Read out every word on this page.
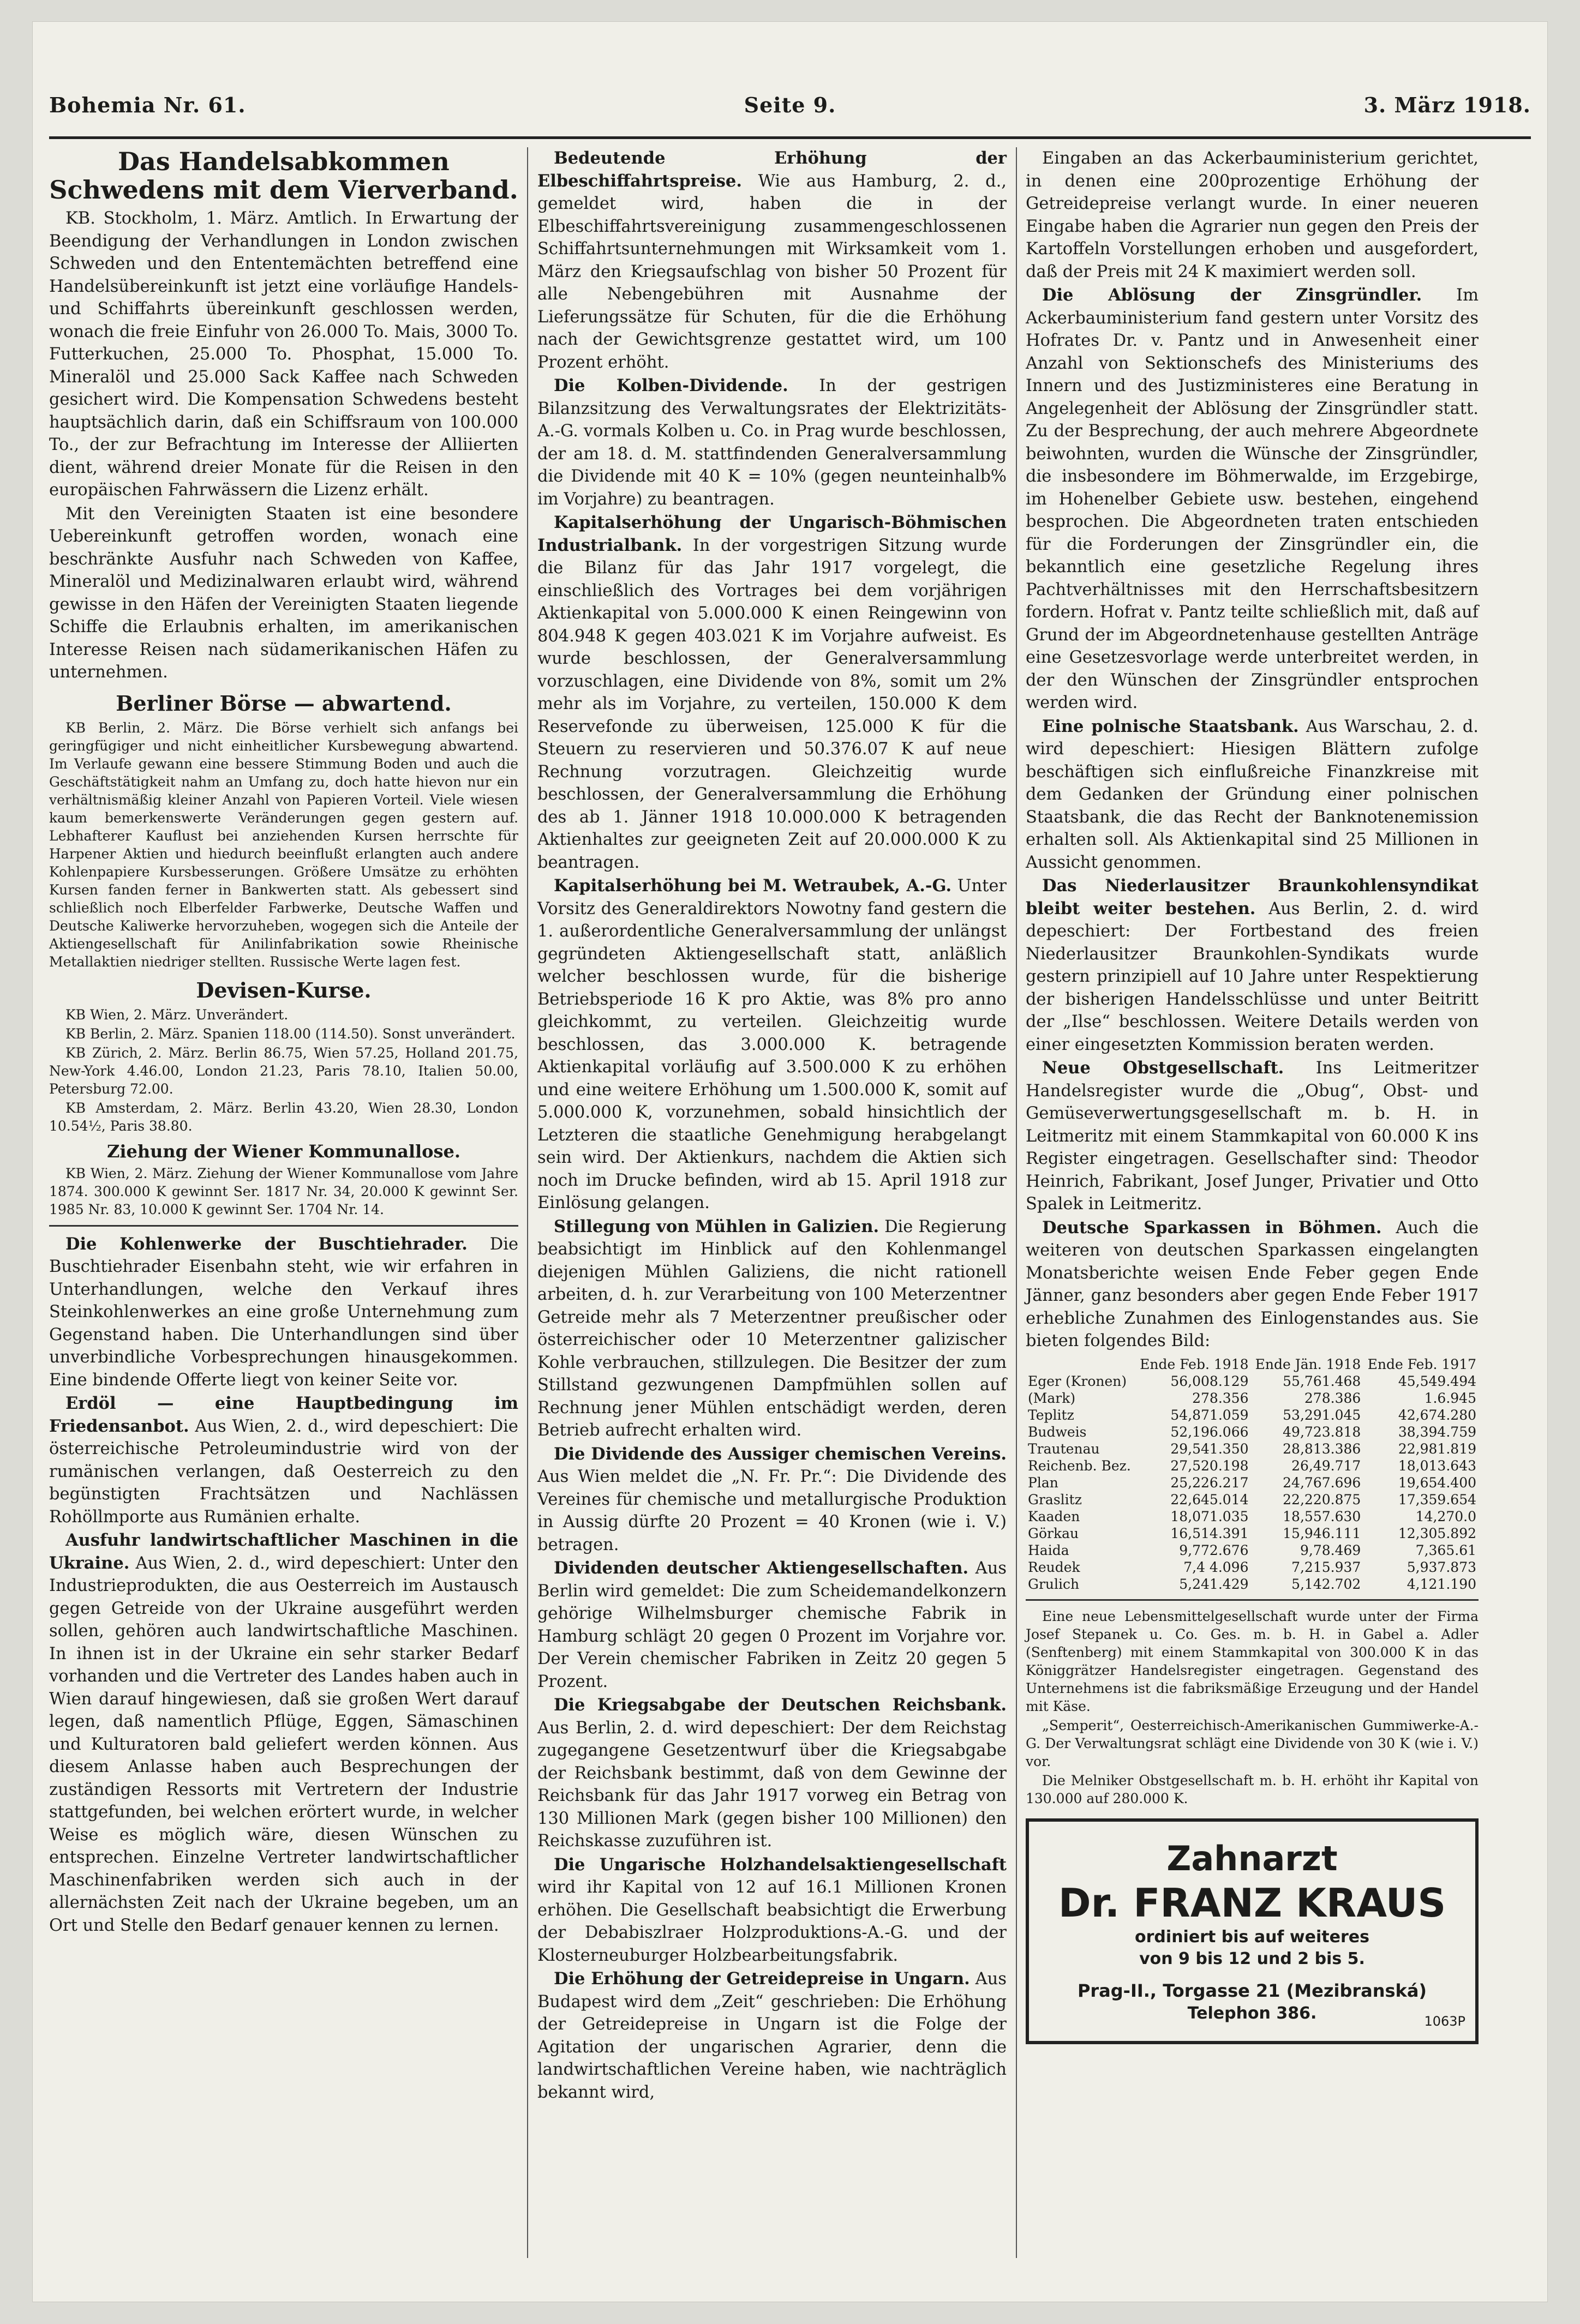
Bohemia Nr. 61.	Seite 9.	3. März 1918.
Das Handelsabkommen Schwedens mit dem Vierverband.

KB. Stockholm, 1. März. Amtlich. In Erwartung der Beendigung der Verhandlungen in London zwischen Schweden und den Ententemächten betreffend eine Handelsübereinkunft ist jetzt eine vorläufige Handels- und Schiffahrts übereinkunft geschlossen werden, wonach die freie Einfuhr von 26.000 To. Mais, 3000 To. Futterkuchen, 25.000 To. Phosphat, 15.000 To. Mineralöl und 25.000 Sack Kaffee nach Schweden gesichert wird. Die Kompensation Schwedens besteht hauptsächlich darin, daß ein Schiffsraum von 100.000 To., der zur Befrachtung im Interesse der Alliierten dient, während dreier Monate für die Reisen in den europäischen Fahrwässern die Lizenz erhält.

Mit den Vereinigten Staaten ist eine besondere Uebereinkunft getroffen worden, wonach eine beschränkte Ausfuhr nach Schweden von Kaffee, Mineralöl und Medizinalwaren erlaubt wird, während gewisse in den Häfen der Vereinigten Staaten liegende Schiffe die Erlaubnis erhalten, im amerikanischen Interesse Reisen nach südamerikanischen Häfen zu unternehmen.

Berliner Börse — abwartend.

KB Berlin, 2. März. Die Börse verhielt sich anfangs bei geringfügiger und nicht einheitlicher Kursbewegung abwartend. Im Verlaufe gewann eine bessere Stimmung Boden und auch die Geschäftstätigkeit nahm an Umfang zu, doch hatte hievon nur ein verhältnismäßig kleiner Anzahl von Papieren Vorteil. Viele wiesen kaum bemerkenswerte Veränderungen gegen gestern auf. Lebhafterer Kauflust bei anziehenden Kursen herrschte für Harpener Aktien und hiedurch beeinflußt erlangten auch andere Kohlenpapiere Kursbesserungen. Größere Umsätze zu erhöhten Kursen fanden ferner in Bankwerten statt. Als gebessert sind schließlich noch Elberfelder Farbwerke, Deutsche Waffen und Deutsche Kaliwerke hervorzuheben, wogegen sich die Anteile der Aktiengesellschaft für Anilinfabrikation sowie Rheinische Metallaktien niedriger stellten. Russische Werte lagen fest.

Devisen-Kurse.

KB Wien, 2. März. Unverändert.

KB Berlin, 2. März. Spanien 118.00 (114.50). Sonst unverändert.

KB Zürich, 2. März. Berlin 86.75, Wien 57.25, Holland 201.75, New-York 4.46.00, London 21.23, Paris 78.10, Italien 50.00, Petersburg 72.00.

KB Amsterdam, 2. März. Berlin 43.20, Wien 28.30, London 10.54½, Paris 38.80.

Ziehung der Wiener Kommunallose.

KB Wien, 2. März. Ziehung der Wiener Kommunallose vom Jahre 1874. 300.000 K gewinnt Ser. 1817 Nr. 34, 20.000 K gewinnt Ser. 1985 Nr. 83, 10.000 K gewinnt Ser. 1704 Nr. 14.

Die Kohlenwerke der Buschtiehrader. Die Buschtiehrader Eisenbahn steht, wie wir erfahren in Unterhandlungen, welche den Verkauf ihres Steinkohlenwerkes an eine große Unternehmung zum Gegenstand haben. Die Unterhandlungen sind über unverbindliche Vorbesprechungen hinausgekommen. Eine bindende Offerte liegt von keiner Seite vor.

Erdöl — eine Hauptbedingung im Friedensanbot. Aus Wien, 2. d., wird depeschiert: Die österreichische Petroleumindustrie wird von der rumänischen verlangen, daß Oesterreich zu den begünstigten Frachtsätzen und Nachlässen Rohöllmporte aus Rumänien erhalte.

Ausfuhr landwirtschaftlicher Maschinen in die Ukraine. Aus Wien, 2. d., wird depeschiert: Unter den Industrieprodukten, die aus Oesterreich im Austausch gegen Getreide von der Ukraine ausgeführt werden sollen, gehören auch landwirtschaftliche Maschinen. In ihnen ist in der Ukraine ein sehr starker Bedarf vorhanden und die Vertreter des Landes haben auch in Wien darauf hingewiesen, daß sie großen Wert darauf legen, daß namentlich Pflüge, Eggen, Sämaschinen und Kulturatoren bald geliefert werden können. Aus diesem Anlasse haben auch Besprechungen der zuständigen Ressorts mit Vertretern der Industrie stattgefunden, bei welchen erörtert wurde, in welcher Weise es möglich wäre, diesen Wünschen zu entsprechen. Einzelne Vertreter landwirtschaftlicher Maschinenfabriken werden sich auch in der allernächsten Zeit nach der Ukraine begeben, um an Ort und Stelle den Bedarf genauer kennen zu lernen.

Bedeutende Erhöhung der Elbeschiffahrtspreise. Wie aus Hamburg, 2. d., gemeldet wird, haben die in der Elbeschiffahrtsvereinigung zusammengeschlossenen Schiffahrtsunternehmungen mit Wirksamkeit vom 1. März den Kriegsaufschlag von bisher 50 Prozent für alle Nebengebühren mit Ausnahme der Lieferungssätze für Schuten, für die die Erhöhung nach der Gewichtsgrenze gestattet wird, um 100 Prozent erhöht.

Die Kolben-Dividende. In der gestrigen Bilanzsitzung des Verwaltungsrates der Elektrizitäts-A.-G. vormals Kolben u. Co. in Prag wurde beschlossen, der am 18. d. M. stattfindenden Generalversammlung die Dividende mit 40 K = 10% (gegen neunteinhalb% im Vorjahre) zu beantragen.

Kapitalserhöhung der Ungarisch-Böhmischen Industrialbank. In der vorgestrigen Sitzung wurde die Bilanz für das Jahr 1917 vorgelegt, die einschließlich des Vortrages bei dem vorjährigen Aktienkapital von 5.000.000 K einen Reingewinn von 804.948 K gegen 403.021 K im Vorjahre aufweist. Es wurde beschlossen, der Generalversammlung vorzuschlagen, eine Dividende von 8%, somit um 2% mehr als im Vorjahre, zu verteilen, 150.000 K dem Reservefonde zu überweisen, 125.000 K für die Steuern zu reservieren und 50.376.07 K auf neue Rechnung vorzutragen. Gleichzeitig wurde beschlossen, der Generalversammlung die Erhöhung des ab 1. Jänner 1918 10.000.000 K betragenden Aktienhaltes zur geeigneten Zeit auf 20.000.000 K zu beantragen.

Kapitalserhöhung bei M. Wetraubek, A.-G. Unter Vorsitz des Generaldirektors Nowotny fand gestern die 1. außerordentliche Generalversammlung der unlängst gegründeten Aktiengesellschaft statt, anläßlich welcher beschlossen wurde, für die bisherige Betriebsperiode 16 K pro Aktie, was 8% pro anno gleichkommt, zu verteilen. Gleichzeitig wurde beschlossen, das 3.000.000 K. betragende Aktienkapital vorläufig auf 3.500.000 K zu erhöhen und eine weitere Erhöhung um 1.500.000 K, somit auf 5.000.000 K, vorzunehmen, sobald hinsichtlich der Letzteren die staatliche Genehmigung herabgelangt sein wird. Der Aktienkurs, nachdem die Aktien sich noch im Drucke befinden, wird ab 15. April 1918 zur Einlösung gelangen.

Stillegung von Mühlen in Galizien. Die Regierung beabsichtigt im Hinblick auf den Kohlenmangel diejenigen Mühlen Galiziens, die nicht rationell arbeiten, d. h. zur Verarbeitung von 100 Meterzentner Getreide mehr als 7 Meterzentner preußischer oder österreichischer oder 10 Meterzentner galizischer Kohle verbrauchen, stillzulegen. Die Besitzer der zum Stillstand gezwungenen Dampfmühlen sollen auf Rechnung jener Mühlen entschädigt werden, deren Betrieb aufrecht erhalten wird.

Die Dividende des Aussiger chemischen Vereins. Aus Wien meldet die „N. Fr. Pr.“: Die Dividende des Vereines für chemische und metallurgische Produktion in Aussig dürfte 20 Prozent = 40 Kronen (wie i. V.) betragen.

Dividenden deutscher Aktiengesellschaften. Aus Berlin wird gemeldet: Die zum Scheidemandelkonzern gehörige Wilhelmsburger chemische Fabrik in Hamburg schlägt 20 gegen 0 Prozent im Vorjahre vor. Der Verein chemischer Fabriken in Zeitz 20 gegen 5 Prozent.

Die Kriegsabgabe der Deutschen Reichsbank. Aus Berlin, 2. d. wird depeschiert: Der dem Reichstag zugegangene Gesetzentwurf über die Kriegsabgabe der Reichsbank bestimmt, daß von dem Gewinne der Reichsbank für das Jahr 1917 vorweg ein Betrag von 130 Millionen Mark (gegen bisher 100 Millionen) den Reichskasse zuzuführen ist.

Die Ungarische Holzhandelsaktiengesellschaft wird ihr Kapital von 12 auf 16.1 Millionen Kronen erhöhen. Die Gesellschaft beabsichtigt die Erwerbung der Debabiszlraer Holzproduktions-A.-G. und der Klosterneuburger Holzbearbeitungsfabrik.

Die Erhöhung der Getreidepreise in Ungarn. Aus Budapest wird dem „Zeit“ geschrieben: Die Erhöhung der Getreidepreise in Ungarn ist die Folge der Agitation der ungarischen Agrarier, denn die landwirtschaftlichen Vereine haben, wie nachträglich bekannt wird,

Eingaben an das Ackerbauministerium gerichtet, in denen eine 200prozentige Erhöhung der Getreidepreise verlangt wurde. In einer neueren Eingabe haben die Agrarier nun gegen den Preis der Kartoffeln Vorstellungen erhoben und ausgefordert, daß der Preis mit 24 K maximiert werden soll.

Die Ablösung der Zinsgründler. Im Ackerbauministerium fand gestern unter Vorsitz des Hofrates Dr. v. Pantz und in Anwesenheit einer Anzahl von Sektionschefs des Ministeriums des Innern und des Justizministeres eine Beratung in Angelegenheit der Ablösung der Zinsgründler statt. Zu der Besprechung, der auch mehrere Abgeordnete beiwohnten, wurden die Wünsche der Zinsgründler, die insbesondere im Böhmerwalde, im Erzgebirge, im Hohenelber Gebiete usw. bestehen, eingehend besprochen. Die Abgeordneten traten entschieden für die Forderungen der Zinsgründler ein, die bekanntlich eine gesetzliche Regelung ihres Pachtverhältnisses mit den Herrschaftsbesitzern fordern. Hofrat v. Pantz teilte schließlich mit, daß auf Grund der im Abgeordnetenhause gestellten Anträge eine Gesetzesvorlage werde unterbreitet werden, in der den Wünschen der Zinsgründler entsprochen werden wird.

Eine polnische Staatsbank. Aus Warschau, 2. d. wird depeschiert: Hiesigen Blättern zufolge beschäftigen sich einflußreiche Finanzkreise mit dem Gedanken der Gründung einer polnischen Staatsbank, die das Recht der Banknotenemission erhalten soll. Als Aktienkapital sind 25 Millionen in Aussicht genommen.

Das Niederlausitzer Braunkohlensyndikat bleibt weiter bestehen. Aus Berlin, 2. d. wird depeschiert: Der Fortbestand des freien Niederlausitzer Braunkohlen-Syndikats wurde gestern prinzipiell auf 10 Jahre unter Respektierung der bisherigen Handelsschlüsse und unter Beitritt der „Ilse“ beschlossen. Weitere Details werden von einer eingesetzten Kommission beraten werden.

Neue Obstgesellschaft. Ins Leitmeritzer Handelsregister wurde die „Obug“, Obst- und Gemüseverwertungsgesellschaft m. b. H. in Leitmeritz mit einem Stammkapital von 60.000 K ins Register eingetragen. Gesellschafter sind: Theodor Heinrich, Fabrikant, Josef Junger, Privatier und Otto Spalek in Leitmeritz.

Deutsche Sparkassen in Böhmen. Auch die weiteren von deutschen Sparkassen eingelangten Monatsberichte weisen Ende Feber gegen Ende Jänner, ganz besonders aber gegen Ende Feber 1917 erhebliche Zunahmen des Einlogenstandes aus. Sie bieten folgendes Bild:

	Ende Feb. 1918	Ende Jän. 1918	Ende Feb. 1917
Eger (Kronen)	56,008.129	55,761.468	45,549.494
(Mark)	278.356	278.386	1.6.945
Teplitz	54,871.059	53,291.045	42,674.280
Budweis	52,196.066	49,723.818	38,394.759
Trautenau	29,541.350	28,813.386	22,981.819
Reichenb. Bez.	27,520.198	26,49.717	18,013.643
Plan	25,226.217	24,767.696	19,654.400
Graslitz	22,645.014	22,220.875	17,359.654
Kaaden	18,071.035	18,557.630	14,270.0
Görkau	16,514.391	15,946.111	12,305.892
Haida	9,772.676	9,78.469	7,365.61
Reudek	7,4 4.096	7,215.937	5,937.873
Grulich	5,241.429	5,142.702	4,121.190

Eine neue Lebensmittelgesellschaft wurde unter der Firma Josef Stepanek u. Co. Ges. m. b. H. in Gabel a. Adler (Senftenberg) mit einem Stammkapital von 300.000 K in das Königgrätzer Handelsregister eingetragen. Gegenstand des Unternehmens ist die fabriksmäßige Erzeugung und der Handel mit Käse.

„Semperit“, Oesterreichisch-Amerikanischen Gummiwerke-A.-G. Der Verwaltungsrat schlägt eine Dividende von 30 K (wie i. V.) vor.

Die Melniker Obstgesellschaft m. b. H. erhöht ihr Kapital von 130.000 auf 280.000 K.

Zahnarzt
Dr. FRANZ KRAUS
ordiniert bis auf weiteres
von 9 bis 12 und 2 bis 5.
Prag-II., Torgasse 21 (Mezibranská)
Telephon 386.	1063P
